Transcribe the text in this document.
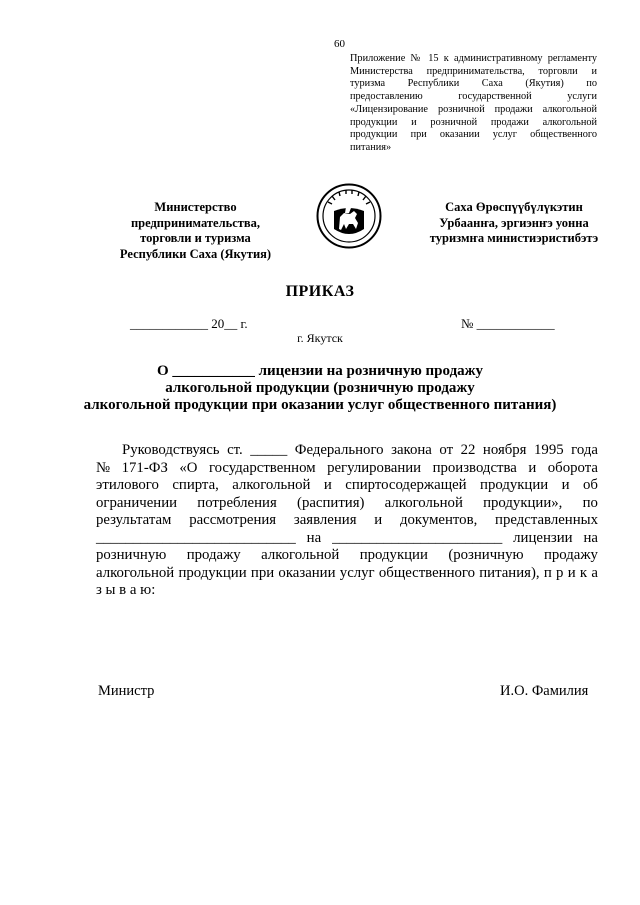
60
Приложение № 15 к административному регламенту
Министерства предпринимательства, торговли и
туризма Республики Саха (Якутия) по
предоставлению государственной услуги
«Лицензирование розничной продажи алкогольной
продукции и розничной продажи алкогольной
продукции при оказании услуг общественного
питания»
Министерство
предпринимательства,
торговли и туризма
Республики Саха (Якутия)
Саха Өрөспүүбүлүкэтин
Урбаанҥа, эргиэнҥэ уонна
туризмҥа министиэристибэтэ
ПРИКАЗ
____________ 20__ г.	№ ____________
г. Якутск
О ___________ лицензии на розничную продажу
алкогольной продукции (розничную продажу
алкогольной продукции при оказании услуг общественного питания)
Руководствуясь ст. _____ Федерального закона от 22 ноября 1995 года
№ 171-ФЗ «О государственном регулировании производства и оборота
этилового спирта, алкогольной и спиртосодержащей продукции и об
ограничении потребления (распития) алкогольной продукции», по
результатам рассмотрения заявления и документов, представленных
___________________________ на _______________________ лицензии на
розничную продажу алкогольной продукции (розничную продажу
алкогольной продукции при оказании услуг общественного питания), п р и к а
з ы в а ю:
Министр	И.О. Фамилия
